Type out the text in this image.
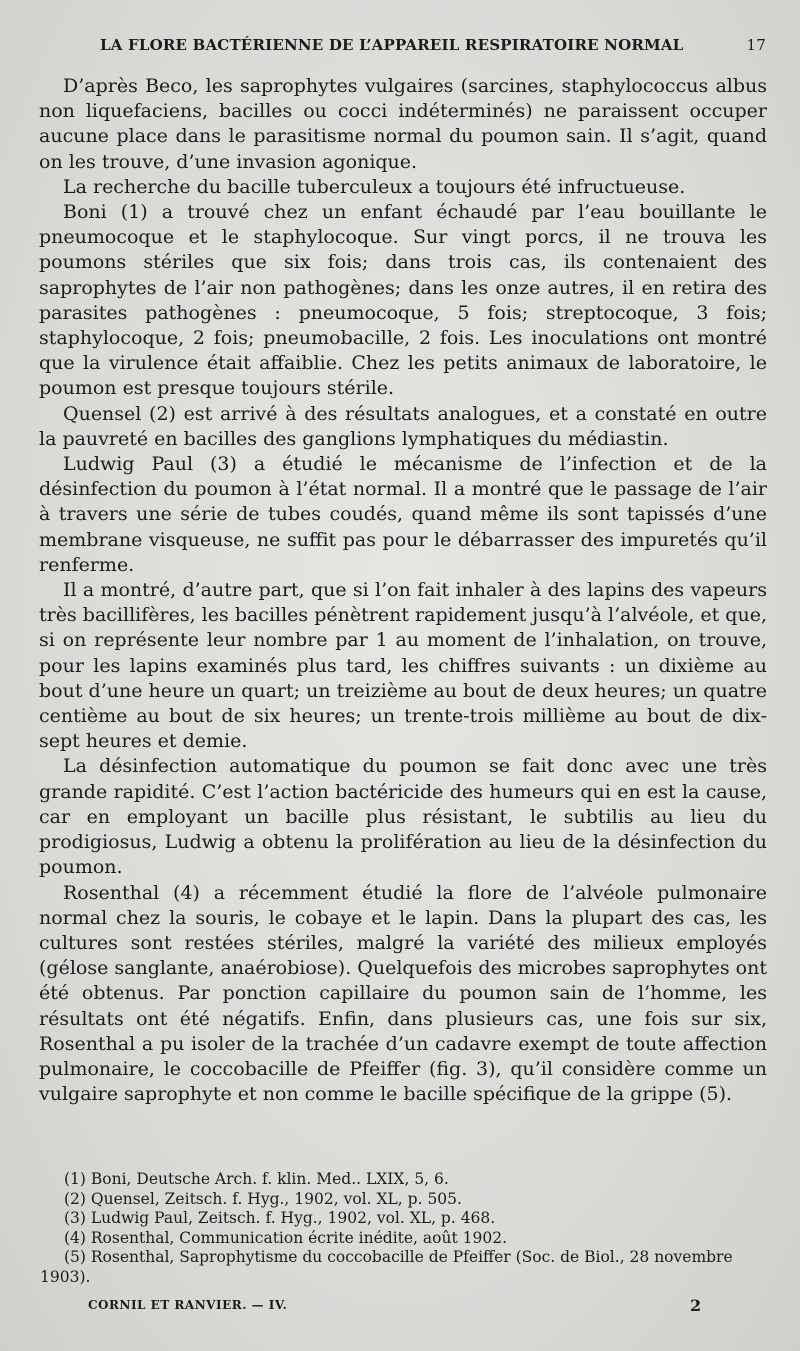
LA FLORE BACTÉRIENNE DE L’APPAREIL RESPIRATOIRE NORMAL	17

D’après Beco, les saprophytes vulgaires (sarcines, staphylococcus albus non liquefaciens, bacilles ou cocci indéterminés) ne paraissent occuper aucune place dans le parasitisme normal du poumon sain. Il s’agit, quand on les trouve, d’une invasion agonique.

La recherche du bacille tuberculeux a toujours été infructueuse.

Boni (1) a trouvé chez un enfant échaudé par l’eau bouillante le pneumocoque et le staphylocoque. Sur vingt porcs, il ne trouva les poumons stériles que six fois; dans trois cas, ils contenaient des saprophytes de l’air non pathogènes; dans les onze autres, il en retira des parasites pathogènes : pneumocoque, 5 fois; streptocoque, 3 fois; staphylocoque, 2 fois; pneumobacille, 2 fois. Les inoculations ont montré que la virulence était affaiblie. Chez les petits animaux de laboratoire, le poumon est presque toujours stérile.

Quensel (2) est arrivé à des résultats analogues, et a constaté en outre la pauvreté en bacilles des ganglions lymphatiques du médiastin.

Ludwig Paul (3) a étudié le mécanisme de l’infection et de la désinfection du poumon à l’état normal. Il a montré que le passage de l’air à travers une série de tubes coudés, quand même ils sont tapissés d’une membrane visqueuse, ne suffit pas pour le débarrasser des impuretés qu’il renferme.

Il a montré, d’autre part, que si l’on fait inhaler à des lapins des vapeurs très bacillifères, les bacilles pénètrent rapidement jusqu’à l’alvéole, et que, si on représente leur nombre par 1 au moment de l’inhalation, on trouve, pour les lapins examinés plus tard, les chiffres suivants : un dixième au bout d’une heure un quart; un treizième au bout de deux heures; un quatre centième au bout de six heures; un trente-trois millième au bout de dix-sept heures et demie.

La désinfection automatique du poumon se fait donc avec une très grande rapidité. C’est l’action bactéricide des humeurs qui en est la cause, car en employant un bacille plus résistant, le subtilis au lieu du prodigiosus, Ludwig a obtenu la prolifération au lieu de la désinfection du poumon.

Rosenthal (4) a récemment étudié la flore de l’alvéole pulmonaire normal chez la souris, le cobaye et le lapin. Dans la plupart des cas, les cultures sont restées stériles, malgré la variété des milieux employés (gélose sanglante, anaérobiose). Quelquefois des microbes saprophytes ont été obtenus. Par ponction capillaire du poumon sain de l’homme, les résultats ont été négatifs. Enfin, dans plusieurs cas, une fois sur six, Rosenthal a pu isoler de la trachée d’un cadavre exempt de toute affection pulmonaire, le coccobacille de Pfeiffer (fig. 3), qu’il considère comme un vulgaire saprophyte et non comme le bacille spécifique de la grippe (5).

(1) Boni, Deutsche Arch. f. klin. Med.. LXIX, 5, 6.

(2) Quensel, Zeitsch. f. Hyg., 1902, vol. XL, p. 505.

(3) Ludwig Paul, Zeitsch. f. Hyg., 1902, vol. XL, p. 468.

(4) Rosenthal, Communication écrite inédite, août 1902.

(5) Rosenthal, Saprophytisme du coccobacille de Pfeiffer (Soc. de Biol., 28 novembre 1903).

CORNIL ET RANVIER. — IV.	2
